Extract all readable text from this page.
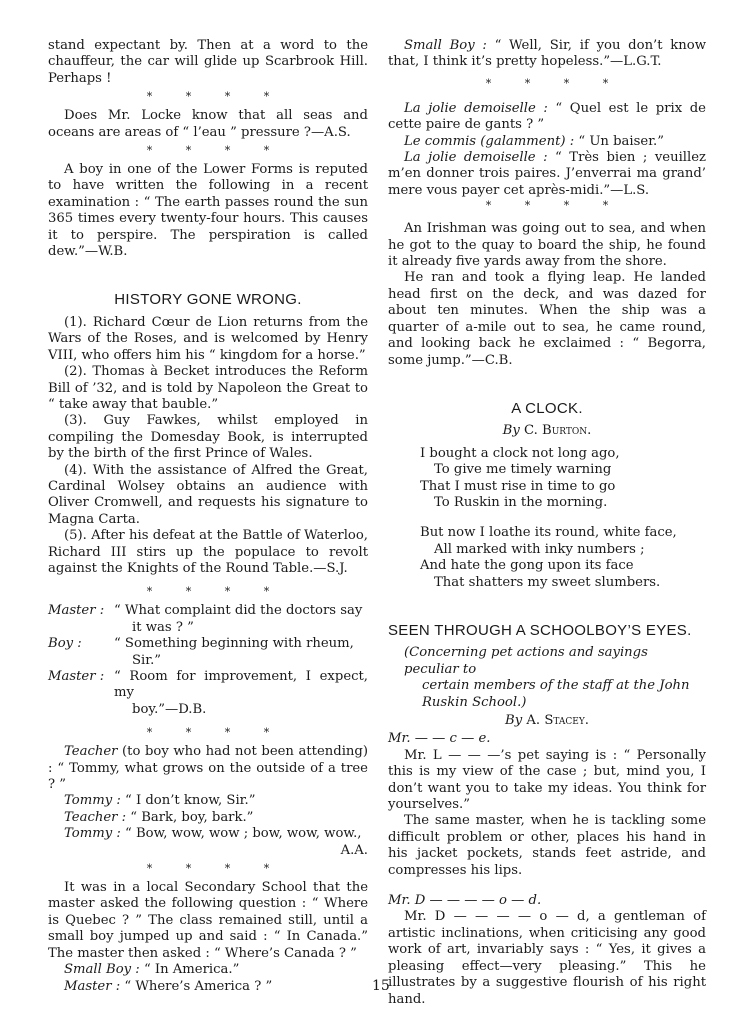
stand expectant by. Then at a word to the chauffeur, the car will glide up Scarbrook Hill. Perhaps !

* * * *

Does Mr. Locke know that all seas and oceans are areas of “ l’eau ” pressure ?—A.S.

* * * *

A boy in one of the Lower Forms is reputed to have written the following in a recent examination : “ The earth passes round the sun 365 times every twenty-four hours. This causes it to perspire. The perspiration is called dew.”—W.B.

HISTORY GONE WRONG.

(1). Richard Cœur de Lion returns from the Wars of the Roses, and is welcomed by Henry VIII, who offers him his “ kingdom for a horse.”

(2). Thomas à Becket introduces the Reform Bill of ’32, and is told by Napoleon the Great to “ take away that bauble.”

(3). Guy Fawkes, whilst employed in compiling the Domesday Book, is interrupted by the birth of the first Prince of Wales.

(4). With the assistance of Alfred the Great, Cardinal Wolsey obtains an audience with Oliver Cromwell, and requests his signature to Magna Carta.

(5). After his defeat at the Battle of Waterloo, Richard III stirs up the populace to revolt against the Knights of the Round Table.—S.J.

* * * *
Master : “ What complaint did the doctors say
it was ? ”
Boy :	“ Something beginning with rheum,
Sir.”
Master : “ Room for improvement, I expect, my
boy.”—D.B.
* * * *

Teacher (to boy who had not been attending) : “ Tommy, what grows on the outside of a tree ? ”

Tommy : “ I don’t know, Sir.”

Teacher : “ Bark, boy, bark.”

Tommy : “ Bow, wow, wow ; bow, wow, wow.,

A.A.

* * * *

It was in a local Secondary School that the master asked the following question : “ Where is Quebec ? ” The class remained still, until a small boy jumped up and said : “ In Canada.” The master then asked : “ Where’s Canada ? ”

Small Boy : “ In America.”

Master : “ Where’s America ? ”

Small Boy : “ Well, Sir, if you don’t know that, I think it’s pretty hopeless.”—L.G.T.

* * * *

La jolie demoiselle : “ Quel est le prix de cette paire de gants ? ”

Le commis (galamment) : “ Un baiser.”

La jolie demoiselle : “ Très bien ; veuillez m’en donner trois paires. J’enverrai ma grand’ mere vous payer cet après-midi.”—L.S.

* * * *

An Irishman was going out to sea, and when he got to the quay to board the ship, he found it already five yards away from the shore.

He ran and took a flying leap. He landed head first on the deck, and was dazed for about ten minutes. When the ship was a quarter of a-mile out to sea, he came round, and looking back he exclaimed : “ Begorra, some jump.”—C.B.

A CLOCK.
By C. Burton.
I bought a clock not long ago,
To give me timely warning
That I must rise in time to go
To Ruskin in the morning.
But now I loathe its round, white face,
All marked with inky numbers ;
And hate the gong upon its face
That shatters my sweet slumbers.
SEEN THROUGH A SCHOOLBOY’S EYES.
(Concerning pet actions and sayings peculiar to
certain members of the staff at the John Ruskin School.)
By A. Stacey.
Mr. — — c — e.

Mr. L — — —’s pet saying is : “ Personally this is my view of the case ; but, mind you, I don’t want you to take my ideas. You think for yourselves.”

The same master, when he is tackling some difficult problem or other, places his hand in his jacket pockets, stands feet astride, and compresses his lips.

Mr. D — — — — o — d.

Mr. D — — — — o — d, a gentleman of artistic inclinations, when criticising any good work of art, invariably says : “ Yes, it gives a pleasing effect—very pleasing.” This he illustrates by a suggestive flourish of his right hand.

15
